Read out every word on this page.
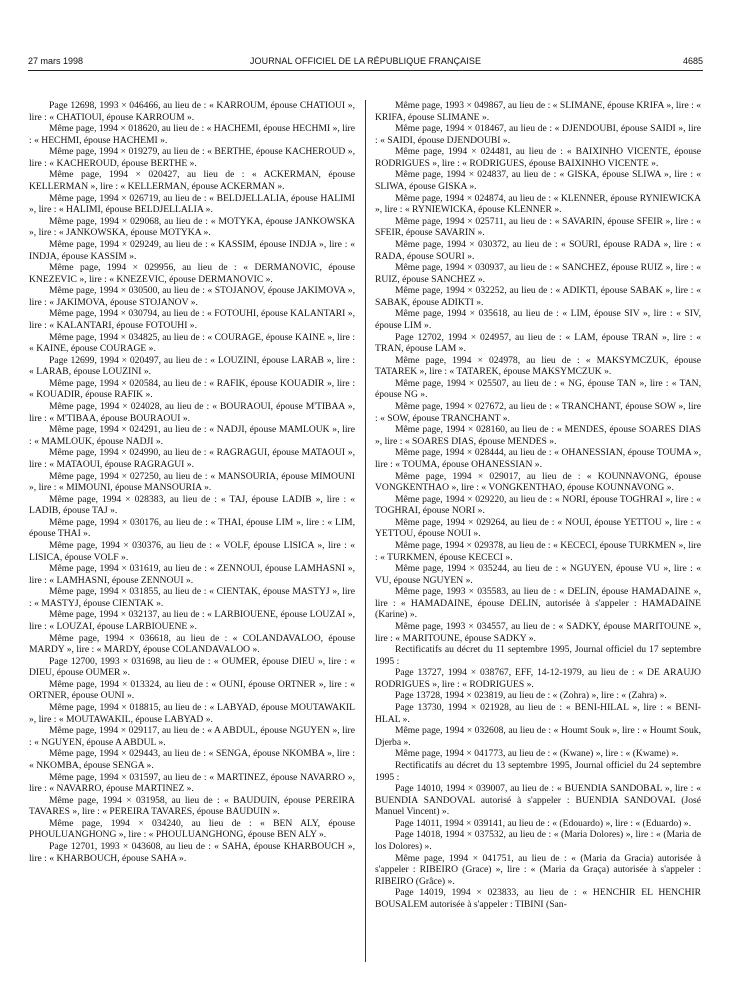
27 mars 1998	JOURNAL OFFICIEL DE LA RÉPUBLIQUE FRANÇAISE	4685

Page 12698, 1993 × 046466, au lieu de : « KARROUM, épouse CHATIOUI », lire : « CHATIOUI, épouse KARROUM ».

Même page, 1994 × 018620, au lieu de : « HACHEMI, épouse HECHMI », lire : « HECHMI, épouse HACHEMI ».

Même page, 1994 × 019279, au lieu de : « BERTHE, épouse KACHEROUD », lire : « KACHEROUD, épouse BERTHE ».

Même page, 1994 × 020427, au lieu de : « ACKERMAN, épouse KELLERMAN », lire : « KELLERMAN, épouse ACKERMAN ».

Même page, 1994 × 026719, au lieu de : « BELDJELLALIA, épouse HALIMI », lire : « HALIMI, épouse BELDJELLALIA ».

Même page, 1994 × 029068, au lieu de : « MOTYKA, épouse JANKOWSKA », lire : « JANKOWSKA, épouse MOTYKA ».

Même page, 1994 × 029249, au lieu de : « KASSIM, épouse INDJA », lire : « INDJA, épouse KASSIM ».

Même page, 1994 × 029956, au lieu de : « DERMANOVIC, épouse KNEZEVIC », lire : « KNEZEVIC, épouse DERMANOVIC ».

Même page, 1994 × 030500, au lieu de : « STOJANOV, épouse JAKIMOVA », lire : « JAKIMOVA, épouse STOJANOV ».

Même page, 1994 × 030794, au lieu de : « FOTOUHI, épouse KALANTARI », lire : « KALANTARI, épouse FOTOUHI ».

Même page, 1994 × 034825, au lieu de : « COURAGE, épouse KAINE », lire : « KAINE, épouse COURAGE ».

Page 12699, 1994 × 020497, au lieu de : « LOUZINI, épouse LARAB », lire : « LARAB, épouse LOUZINI ».

Même page, 1994 × 020584, au lieu de : « RAFIK, épouse KOUADIR », lire : « KOUADIR, épouse RAFIK ».

Même page, 1994 × 024028, au lieu de : « BOURAOUI, épouse M'TIBAA », lire : « M'TIBAA, épouse BOURAOUI ».

Même page, 1994 × 024291, au lieu de : « NADJI, épouse MAMLOUK », lire : « MAMLOUK, épouse NADJI ».

Même page, 1994 × 024990, au lieu de : « RAGRAGUI, épouse MATAOUI », lire : « MATAOUI, épouse RAGRAGUI ».

Même page, 1994 × 027250, au lieu de : « MANSOURIA, épouse MIMOUNI », lire : « MIMOUNI, épouse MANSOURIA ».

Même page, 1994 × 028383, au lieu de : « TAJ, épouse LADIB », lire : « LADIB, épouse TAJ ».

Même page, 1994 × 030176, au lieu de : « THAI, épouse LIM », lire : « LIM, épouse THAI ».

Même page, 1994 × 030376, au lieu de : « VOLF, épouse LISICA », lire : « LISICA, épouse VOLF ».

Même page, 1994 × 031619, au lieu de : « ZENNOUI, épouse LAMHASNI », lire : « LAMHASNI, épouse ZENNOUI ».

Même page, 1994 × 031855, au lieu de : « CIENTAK, épouse MASTYJ », lire : « MASTYJ, épouse CIENTAK ».

Même page, 1994 × 032137, au lieu de : « LARBIOUENE, épouse LOUZAI », lire : « LOUZAI, épouse LARBIOUENE ».

Même page, 1994 × 036618, au lieu de : « COLANDAVALOO, épouse MARDY », lire : « MARDY, épouse COLANDAVALOO ».

Page 12700, 1993 × 031698, au lieu de : « OUMER, épouse DIEU », lire : « DIEU, épouse OUMER ».

Même page, 1994 × 013324, au lieu de : « OUNI, épouse ORTNER », lire : « ORTNER, épouse OUNI ».

Même page, 1994 × 018815, au lieu de : « LABYAD, épouse MOUTAWAKIL », lire : « MOUTAWAKIL, épouse LABYAD ».

Même page, 1994 × 029117, au lieu de : « A ABDUL, épouse NGUYEN », lire : « NGUYEN, épouse A ABDUL ».

Même page, 1994 × 029443, au lieu de : « SENGA, épouse NKOMBA », lire : « NKOMBA, épouse SENGA ».

Même page, 1994 × 031597, au lieu de : « MARTINEZ, épouse NAVARRO », lire : « NAVARRO, épouse MARTINEZ ».

Même page, 1994 × 031958, au lieu de : « BAUDUIN, épouse PEREIRA TAVARES », lire : « PEREIRA TAVARES, épouse BAUDUIN ».

Même page, 1994 × 034240, au lieu de : « BEN ALY, épouse PHOULUANGHONG », lire : « PHOULUANGHONG, épouse BEN ALY ».

Page 12701, 1993 × 043608, au lieu de : « SAHA, épouse KHARBOUCH », lire : « KHARBOUCH, épouse SAHA ».

Même page, 1993 × 049867, au lieu de : « SLIMANE, épouse KRIFA », lire : « KRIFA, épouse SLIMANE ».

Même page, 1994 × 018467, au lieu de : « DJENDOUBI, épouse SAIDI », lire : « SAIDI, épouse DJENDOUBI ».

Même page, 1994 × 024481, au lieu de : « BAIXINHO VICENTE, épouse RODRIGUES », lire : « RODRIGUES, épouse BAIXINHO VICENTE ».

Même page, 1994 × 024837, au lieu de : « GISKA, épouse SLIWA », lire : « SLIWA, épouse GISKA ».

Même page, 1994 × 024874, au lieu de : « KLENNER, épouse RYNIEWICKA », lire : « RYNIEWICKA, épouse KLENNER ».

Même page, 1994 × 025711, au lieu de : « SAVARIN, épouse SFEIR », lire : « SFEIR, épouse SAVARIN ».

Même page, 1994 × 030372, au lieu de : « SOURI, épouse RADA », lire : « RADA, épouse SOURI ».

Même page, 1994 × 030937, au lieu de : « SANCHEZ, épouse RUIZ », lire : « RUIZ, épouse SANCHEZ ».

Même page, 1994 × 032252, au lieu de : « ADIKTI, épouse SABAK », lire : « SABAK, épouse ADIKTI ».

Même page, 1994 × 035618, au lieu de : « LIM, épouse SIV », lire : « SIV, épouse LIM ».

Page 12702, 1994 × 024957, au lieu de : « LAM, épouse TRAN », lire : « TRAN, épouse LAM ».

Même page, 1994 × 024978, au lieu de : « MAKSYMCZUK, épouse TATAREK », lire : « TATAREK, épouse MAKSYMCZUK ».

Même page, 1994 × 025507, au lieu de : « NG, épouse TAN », lire : « TAN, épouse NG ».

Même page, 1994 × 027672, au lieu de : « TRANCHANT, épouse SOW », lire : « SOW, épouse TRANCHANT ».

Même page, 1994 × 028160, au lieu de : « MENDES, épouse SOARES DIAS », lire : « SOARES DIAS, épouse MENDES ».

Même page, 1994 × 028444, au lieu de : « OHANESSIAN, épouse TOUMA », lire : « TOUMA, épouse OHANESSIAN ».

Même page, 1994 × 029017, au lieu de : « KOUNNAVONG, épouse VONGKENTHAO », lire : « VONGKENTHAO, épouse KOUNNAVONG ».

Même page, 1994 × 029220, au lieu de : « NORI, épouse TOGHRAI », lire : « TOGHRAI, épouse NORI ».

Même page, 1994 × 029264, au lieu de : « NOUI, épouse YETTOU », lire : « YETTOU, épouse NOUI ».

Même page, 1994 × 029378, au lieu de : « KECECI, épouse TURKMEN », lire : « TURKMEN, épouse KECECI ».

Même page, 1994 × 035244, au lieu de : « NGUYEN, épouse VU », lire : « VU, épouse NGUYEN ».

Même page, 1993 × 035583, au lieu de : « DELIN, épouse HAMADAINE », lire : « HAMADAINE, épouse DELIN, autorisée à s'appeler : HAMADAINE (Karine) ».

Même page, 1993 × 034557, au lieu de : « SADKY, épouse MARITOUNE », lire : « MARITOUNE, épouse SADKY ».

Rectificatifs au décret du 11 septembre 1995, Journal officiel du 17 septembre 1995 :

Page 13727, 1994 × 038767, EFF, 14-12-1979, au lieu de : « DE ARAUJO RODRIGUES », lire : « RODRIGUES ».

Page 13728, 1994 × 023819, au lieu de : « (Zohra) », lire : « (Zahra) ».

Page 13730, 1994 × 021928, au lieu de : « BENI-HILAL », lire : « BENI-HLAL ».

Même page, 1994 × 032608, au lieu de : « Houmt Souk », lire : « Houmt Souk, Djerba ».

Même page, 1994 × 041773, au lieu de : « (Kwane) », lire : « (Kwame) ».

Rectificatifs au décret du 13 septembre 1995, Journal officiel du 24 septembre 1995 :

Page 14010, 1994 × 039007, au lieu de : « BUENDIA SANDOBAL », lire : « BUENDIA SANDOVAL autorisé à s'appeler : BUENDIA SANDOVAL (José Manuel Vincent) ».

Page 14011, 1994 × 039141, au lieu de : « (Edouardo) », lire : « (Eduardo) ».

Page 14018, 1994 × 037532, au lieu de : « (Maria Dolores) », lire : « (Maria de los Dolores) ».

Même page, 1994 × 041751, au lieu de : « (Maria da Gracia) autorisée à s'appeler : RIBEIRO (Grace) », lire : « (Maria da Graça) autorisée à s'appeler : RIBEIRO (Grâce) ».

Page 14019, 1994 × 023833, au lieu de : « HENCHIR EL HENCHIR BOUSALEM autorisée à s'appeler : TIBINI (San-
